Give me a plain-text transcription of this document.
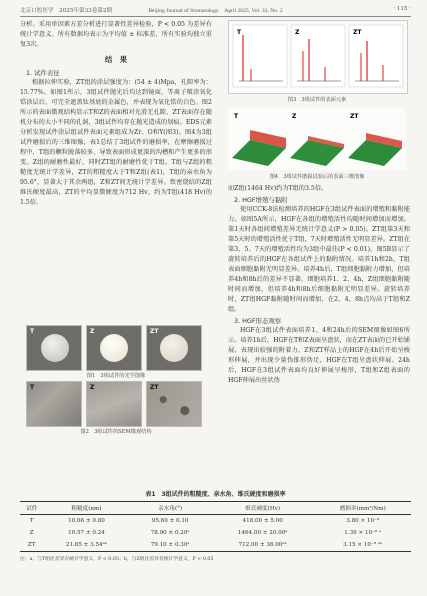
北京口腔医学　2025年第33卷第2期	Beijing Journal of Stomatology　April 2025, Vol. 33, No. 2	· 115 ·

分析。采用单因素方差分析进行显著性差异检验，P < 0.05 为差异有统计学意义。所有数据均表示为平均值 ± 标准差，所有实验均独立重复3次。

结　果
1. 试件表征

根据拉伸实验，ZT组的涂层强度为：(54 ± 4)Mpa，孔隙率为：15.77%。如图1所示，3组试件抛光后均达到镜面，等离子喷涂氧化锆涂层后，可完全遮盖钛基底的金属色，并表现为氧化锆的白色。图2所示的表面微观结构显示T和Z的表面相对光滑无孔隙，ZT表面存在随机分布的大小不同的孔洞，3组试件均存在抛光造成的划痕。EDS元素分析发现试件涂层组试件表面元素组成为Zr、O和Y(图3)。图4为3组试件磨损后的三维图像，表1总结了3组试件的磨损率，在摩擦磨损过程中，T组的颗粒脱落较多，导致表面形成更深的沟槽和产生更多的形变。Z组的耐磨性最好，同时ZT组的耐磨性优于T组。T组与Z组的粗糙度无统计学差异，ZT的粗糙度大于T和Z组(表1)，T组的亲水角为95.6°，显著大于其余两组，Z和ZT间无统计学差异。致密烧结的Z组维氏硬度最高，ZT的平均显微硬度为712 Hv，约为T组(418 Hv)的1.5倍，

T	Z	ZT
图1　3组试件的光学图像
T	Z	ZT
图2　3组试件的SEM微观结构
T	Z	ZT
图3　3组试件的表面元素
T	Z	ZT
图4　3组试件磨损试验后的表面三维图像

而Z组(1464 Hv)约为T组的3.5倍。

2. HGF增殖与黏附

使用CCK-8法检测培养的HGF在3组试件表面的增殖和黏附能力。如图5A所示，HGF在各组的增殖活性均随时间增加而增加。第1天时各组间增殖差异无统计学意义(P > 0.05)。ZT组第3天和第5天时的增殖活性优于T组，7天时增殖活性无明显差异。ZT组在第3、5、7天的增殖活性均为3组中最佳(P < 0.01)。图5B显示了旋转培养后的HGF在各组试件上的黏附情况。培养1h和2h，T组表面细胞黏附无明显差异。培养4h后，T组细胞黏附力增加，但培养4h和8h后的差异不显著。细胞培养1、2、4h，Z组细胞黏附随时间而增加，但培养4h和8h后细胞黏附无明显差异。旋转培养时，ZT组HGF黏附随时间而增加，在2、4、8h点均高于T组和Z组。

3. HGF形态观察

HGF在3组试件表面培养1、4和24h后的SEM图像如图6所示。培养1h后，HGF在T和Z表面呈盘状，而在ZT表面的已开始铺展，表现出较强的附着力。Z和ZT样品上的HGF在4h后开始呈梭形伸展，并出现少量伪锥形伪足，HGF在T组呈盘状伸展。24h后，HGF在3组试件表面均良好伸展呈梭形，T组和Z组表面的HGF伸展出丝状伪

表1　3组试件的粗糙度、亲水角、维氏硬度和磨损率
试件	粗糙度(nm)	亲水角(°)	维氏硬度(Hv)	磨损率(mm³/Nm)
T	10.66 ± 0.80	95.60 ± 0.10	418.00 ± 5.00	3.80 × 10⁻⁸
Z	10.57 ± 0.24	78.90 ± 0.20ᵃ	1464.00 ± 20.00ᵃ	1.39 × 10⁻⁸ ᵃ
ZT	21.85 ± 3.54ᵃᵇ	79.10 ± 0.30ᵃ	712.00 ± 36.00ᵃᵇ	3.15 × 10⁻⁸ ᵃᵇ
注：a，与T组比差异有统计学意义，P < 0.05；b，与Z组比差异有统计学意义，P < 0.05
